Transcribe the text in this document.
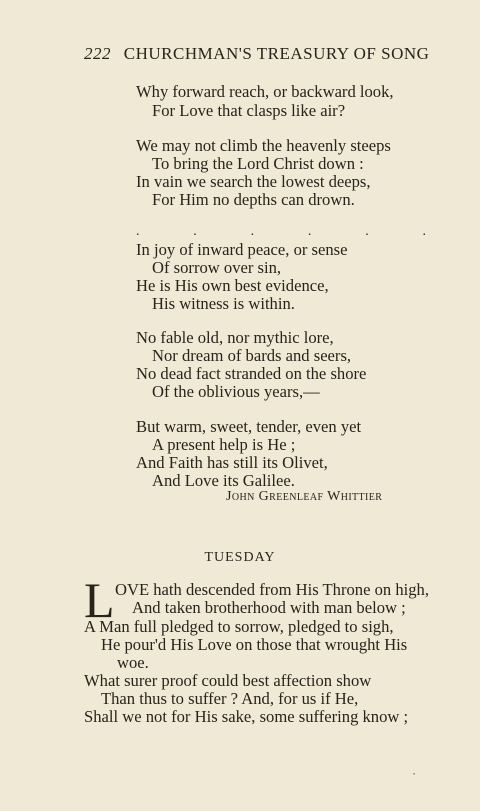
222 CHURCHMAN'S TREASURY OF SONG
Why forward reach, or backward look,
For Love that clasps like air?
We may not climb the heavenly steeps
To bring the Lord Christ down :
In vain we search the lowest deeps,
For Him no depths can drown.
.	.	.	.	.	.
In joy of inward peace, or sense
Of sorrow over sin,
He is His own best evidence,
His witness is within.
No fable old, nor mythic lore,
Nor dream of bards and seers,
No dead fact stranded on the shore
Of the oblivious years,—
But warm, sweet, tender, even yet
A present help is He ;
And Faith has still its Olivet,
And Love its Galilee.
John Greenleaf Whittier
TUESDAY
L OVE hath descended from His Throne on high,
And taken brotherhood with man below ;
A Man full pledged to sorrow, pledged to sigh,
He pour'd His Love on those that wrought His
woe.
What surer proof could best affection show
Than thus to suffer ? And, for us if He,
Shall we not for His sake, some suffering know ;
⋅
